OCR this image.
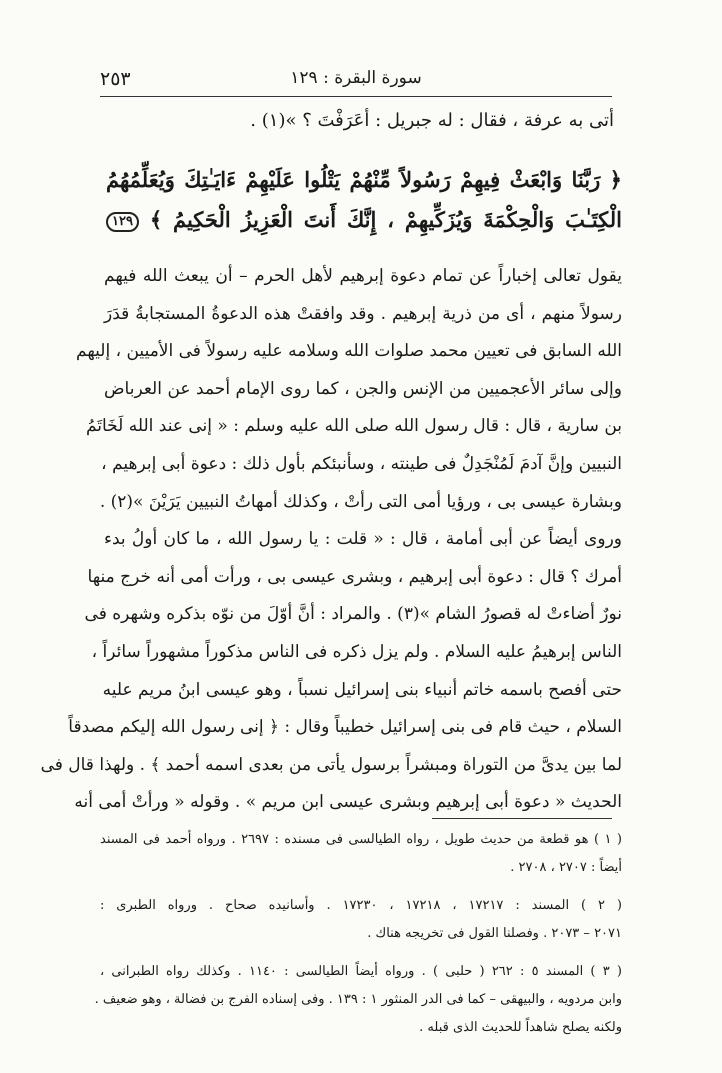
٢٥٣	سورة البقرة : ١٢٩
أتى به عرفة ، فقال : له جبريل : أعَرَفْتَ ؟ »(١) .
﴿ رَبَّنَا وَابْعَثْ فِيهِمْ رَسُولاً مِّنْهُمْ يَتْلُوا عَلَيْهِمْ ءَايَـٰتِكَ وَيُعَلِّمُهُمُ
الْكِتَـٰبَ وَالْحِكْمَةَ وَيُزَكِّيهِمْ ، إِنَّكَ أَنتَ الْعَزِيزُ الْحَكِيمُ ﴾ ١٢٩
يقول تعالى إخباراً عن تمام دعوة إبرهيم لأهل الحرم – أن يبعث الله فيهم
رسولاً منهم ، أى من ذرية إبرهيم . وقد وافقتْ هذه الدعوةُ المستجابةُ قدَرَ
الله السابق فى تعيين محمد صلوات الله وسلامه عليه رسولاً فى الأميين ، إليهم
وإلى سائر الأعجميين من الإنس والجن ، كما روى الإمام أحمد عن العرباض
بن سارية ، قال : قال رسول الله صلى الله عليه وسلم : « إنى عند الله لَخَاتَمُ
النبيين وإنَّ آدمَ لَمُنْجَدِلٌ فى طينته ، وسأنبئكم بأول ذلك : دعوة أبى إبرهيم ،
وبشارة عيسى بى ، ورؤيا أمى التى رأتْ ، وكذلك أمهاتُ النبيين يَرَيْنَ »(٢) .
وروى أيضاً عن أبى أمامة ، قال : « قلت : يا رسول الله ، ما كان أولُ بدء
أمرك ؟ قال : دعوة أبى إبرهيم ، وبشرى عيسى بى ، ورأت أمى أنه خرج منها
نورٌ أضاءتْ له قصورُ الشام »(٣) . والمراد : أنَّ أوّلَ من نوّه بذكره وشهره فى
الناس إبرهيمُ عليه السلام . ولم يزل ذكره فى الناس مذكوراً مشهوراً سائراً ،
حتى أفصح باسمه خاتم أنبياء بنى إسرائيل نسباً ، وهو عيسى ابنُ مريم عليه
السلام ، حيث قام فى بنى إسرائيل خطيباً وقال : ﴿ إنى رسول الله إليكم مصدقاً
لما بين يدىَّ من التوراة ومبشراً برسول يأتى من بعدى اسمه أحمد ﴾ . ولهذا قال فى
الحديث « دعوة أبى إبرهيم وبشرى عيسى ابن مريم » . وقوله « ورأتْ أمى أنه
( ١ ) هو قطعة من حديث طويل ، رواه الطيالسى فى مسنده : ٢٦٩٧ . ورواه أحمد فى المسند
أيضاً : ٢٧٠٧ ، ٢٧٠٨ .
( ٢ ) المسند : ١٧٢١٧ ، ١٧٢١٨ ، ١٧٢٣٠ . وأسانيده صحاح . ورواه الطبرى :
٢٠٧١ – ٢٠٧٣ . وفصلنا القول فى تخريجه هناك .
( ٣ ) المسند ٥ : ٢٦٢ ( حلبى ) . ورواه أيضاً الطيالسى : ١١٤٠ . وكذلك رواه الطبرانى ،
وابن مردويه ، والبيهقى – كما فى الدر المنثور ١ : ١٣٩ . وفى إسناده الفرج بن فضالة ، وهو ضعيف .
ولكنه يصلح شاهداً للحديث الذى قبله .
